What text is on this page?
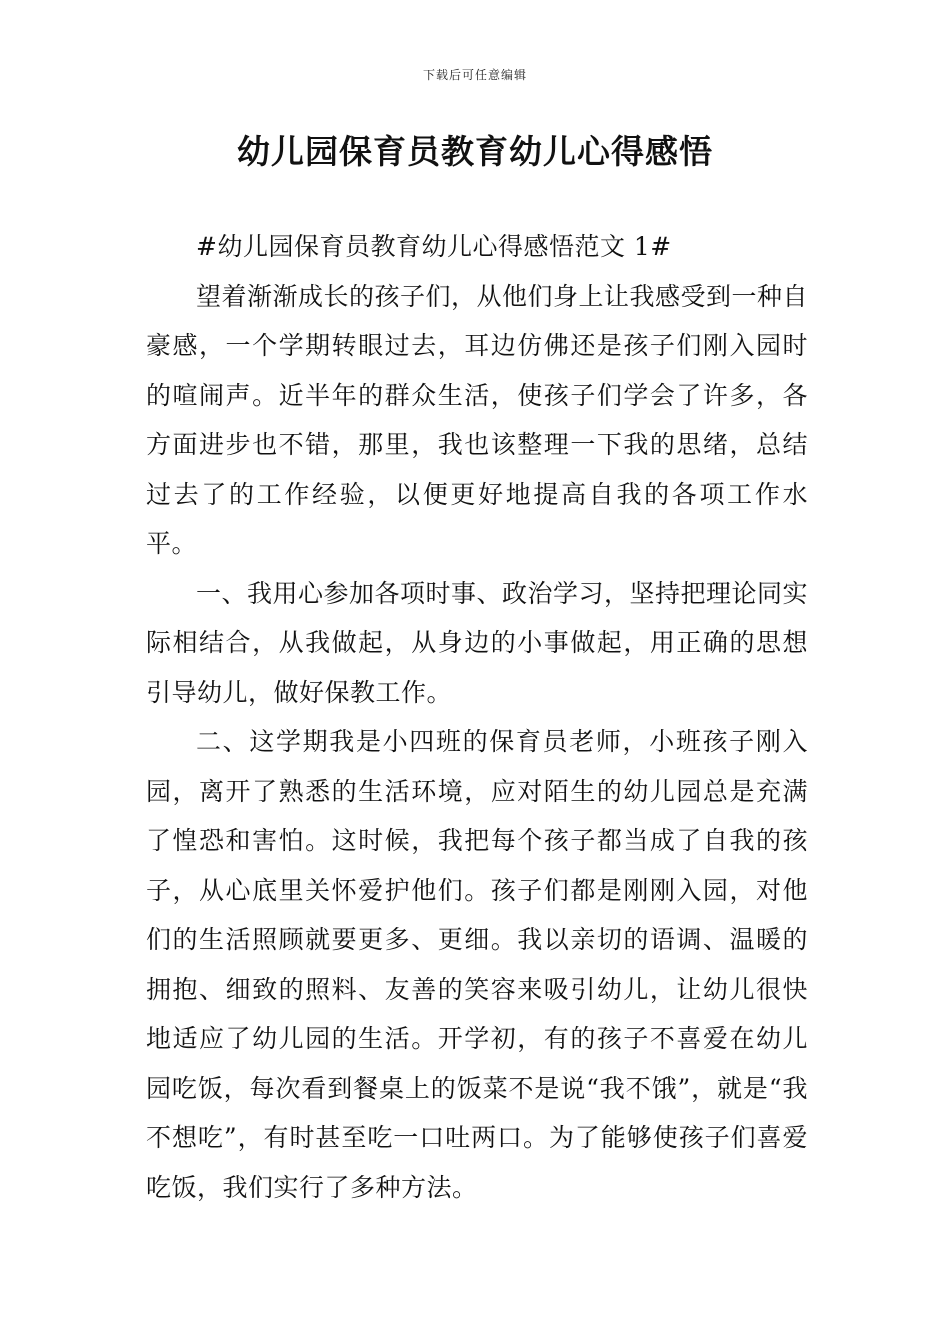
下载后可任意编辑
幼儿园保育员教育幼儿心得感悟

#幼儿园保育员教育幼儿心得感悟范文 1#

望着渐渐成长的孩子们，从他们身上让我感受到一种自豪感，一个学期转眼过去，耳边仿佛还是孩子们刚入园时的喧闹声。近半年的群众生活，使孩子们学会了许多，各方面进步也不错，那里，我也该整理一下我的思绪，总结过去了的工作经验，以便更好地提高自我的各项工作水平。

一、我用心参加各项时事、政治学习，坚持把理论同实际相结合，从我做起，从身边的小事做起，用正确的思想引导幼儿，做好保教工作。

二、这学期我是小四班的保育员老师，小班孩子刚入园，离开了熟悉的生活环境，应对陌生的幼儿园总是充满了惶恐和害怕。这时候，我把每个孩子都当成了自我的孩子，从心底里关怀爱护他们。孩子们都是刚刚入园，对他们的生活照顾就要更多、更细。我以亲切的语调、温暖的拥抱、细致的照料、友善的笑容来吸引幼儿，让幼儿很快地适应了幼儿园的生活。开学初，有的孩子不喜爱在幼儿园吃饭，每次看到餐桌上的饭菜不是说“我不饿”，就是“我不想吃”，有时甚至吃一口吐两口。为了能够使孩子们喜爱吃饭，我们实行了多种方法。
